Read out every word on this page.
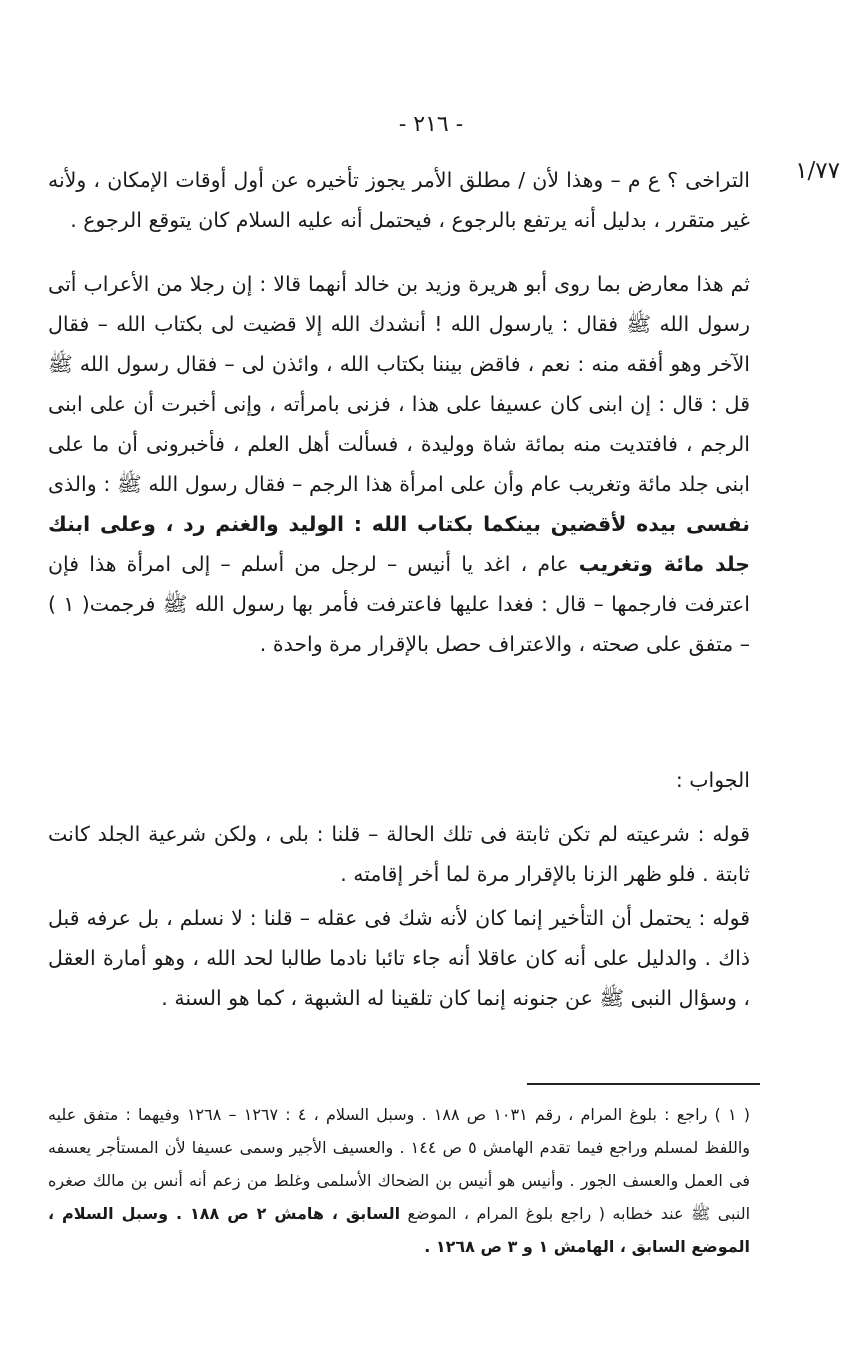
- ٢١٦ -
١/٧٧

التراخى ؟ ع م – وهذا لأن / مطلق الأمر يجوز تأخيره عن أول أوقات الإمكان ، ولأنه غير متقرر ، بدليل أنه يرتفع بالرجوع ، فيحتمل أنه عليه السلام كان يتوقع الرجوع .

ثم هذا معارض بما روى أبو هريرة وزيد بن خالد أنهما قالا : إن رجلا من الأعراب أتى رسول الله ﷺ فقال : يارسول الله ! أنشدك الله إلا قضيت لى بكتاب الله – فقال الآخر وهو أفقه منه : نعم ، فاقض بيننا بكتاب الله ، وائذن لى – فقال رسول الله ﷺ قل : قال : إن ابنى كان عسيفا على هذا ، فزنى بامرأته ، وإنى أخبرت أن على ابنى الرجم ، فافتديت منه بمائة شاة ووليدة ، فسألت أهل العلم ، فأخبرونى أن ما على ابنى جلد مائة وتغريب عام وأن على امرأة هذا الرجم – فقال رسول الله ﷺ : والذى نفسى بيده لأقضين بينكما بكتاب الله : الوليد والغنم رد ، وعلى ابنك جلد مائة وتغريب عام ، اغد يا أنيس – لرجل من أسلم – إلى امرأة هذا فإن اعترفت فارجمها – قال : فغدا عليها فاعترفت فأمر بها رسول الله ﷺ فرجمت( ١ ) – متفق على صحته ، والاعتراف حصل بالإقرار مرة واحدة .

الجواب :

قوله : شرعيته لم تكن ثابتة فى تلك الحالة – قلنا : بلى ، ولكن شرعية الجلد كانت ثابتة . فلو ظهر الزنا بالإقرار مرة لما أخر إقامته .

قوله : يحتمل أن التأخير إنما كان لأنه شك فى عقله – قلنا : لا نسلم ، بل عرفه قبل ذاك . والدليل على أنه كان عاقلا أنه جاء تائبا نادما طالبا لحد الله ، وهو أمارة العقل ، وسؤال النبى ﷺ عن جنونه إنما كان تلقينا له الشبهة ، كما هو السنة .

( ١ ) راجع : بلوغ المرام ، رقم ١٠٣١ ص ١٨٨ . وسبل السلام ، ٤ : ١٢٦٧ – ١٢٦٨ وفيهما : متفق عليه واللفظ لمسلم وراجع فيما تقدم الهامش ٥ ص ١٤٤ . والعسيف الأجير وسمى عسيفا لأن المستأجر يعسفه فى العمل والعسف الجور . وأنيس هو أنيس بن الضحاك الأسلمى وغلط من زعم أنه أنس بن مالك صغره النبى ﷺ عند خطابه ( راجع بلوغ المرام ، الموضع السابق ، هامش ٢ ص ١٨٨ . وسبل السلام ، الموضع السابق ، الهامش ١ و ٣ ص ١٢٦٨ .
